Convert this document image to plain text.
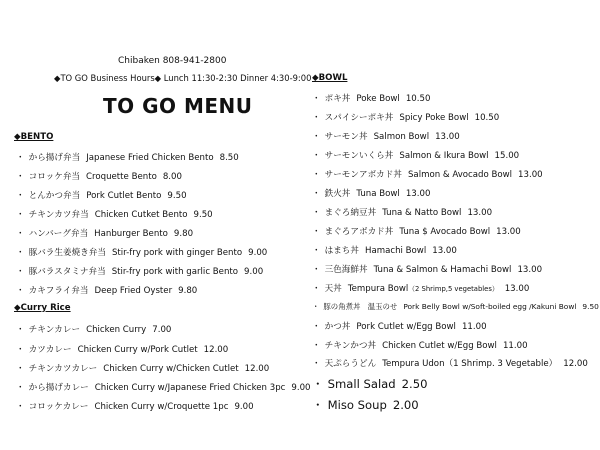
Chibaken 808-941-2800
◆TO GO Business Hours◆ Lunch 11:30-2:30 Dinner 4:30-9:00
TO GO MENU
◆BENTO
・ から揚げ弁当 Japanese Fried Chicken Bento 8.50
・ コロッケ弁当 Croquette Bento 8.00
・ とんかつ弁当 Pork Cutlet Bento 9.50
・ チキンカツ弁当 Chicken Cutket Bento 9.50
・ ハンバーグ弁当 Hanburger Bento 9.80
・ 豚バラ生姜焼き弁当 Stir-fry pork with ginger Bento 9.00
・ 豚バラスタミナ弁当 Stir-fry pork with garlic Bento 9.00
・ カキフライ弁当 Deep Fried Oyster 9.80
◆Curry Rice
・ チキンカレー Chicken Curry 7.00
・ カツカレー Chicken Curry w/Pork Cutlet 12.00
・ チキンカツカレー Chicken Curry w/Chicken Cutlet 12.00
・ から揚げカレー Chicken Curry w/Japanese Fried Chicken 3pc 9.00
・ コロッケカレー Chicken Curry w/Croquette 1pc 9.00
◆BOWL
・ ポキ丼 Poke Bowl 10.50
・ スパイシーポキ丼 Spicy Poke Bowl 10.50
・ サーモン丼 Salmon Bowl 13.00
・ サーモンいくら丼 Salmon & Ikura Bowl 15.00
・ サーモンアボカド丼 Salmon & Avocado Bowl 13.00
・ 鉄火丼 Tuna Bowl 13.00
・ まぐろ納豆丼 Tuna & Natto Bowl 13.00
・ まぐろアボカド丼 Tuna $ Avocado Bowl 13.00
・ はまち丼 Hamachi Bowl 13.00
・ 三色海鮮丼 Tuna & Salmon & Hamachi Bowl 13.00
・ 天丼 Tempura Bowl（2 Shrimp,5 vegetables） 13.00
・ 豚の角煮丼　温玉のせ Pork Belly Bowl w/Soft-boiled egg /Kakuni Bowl 9.50
・ かつ丼 Pork Cutlet w/Egg Bowl 11.00
・ チキンかつ丼 Chicken Cutlet w/Egg Bowl 11.00
・ 天ぷらうどん Tempura Udon（1 Shrimp. 3 Vegetable） 12.00
・ Small Salad 2.50
・ Miso Soup 2.00
